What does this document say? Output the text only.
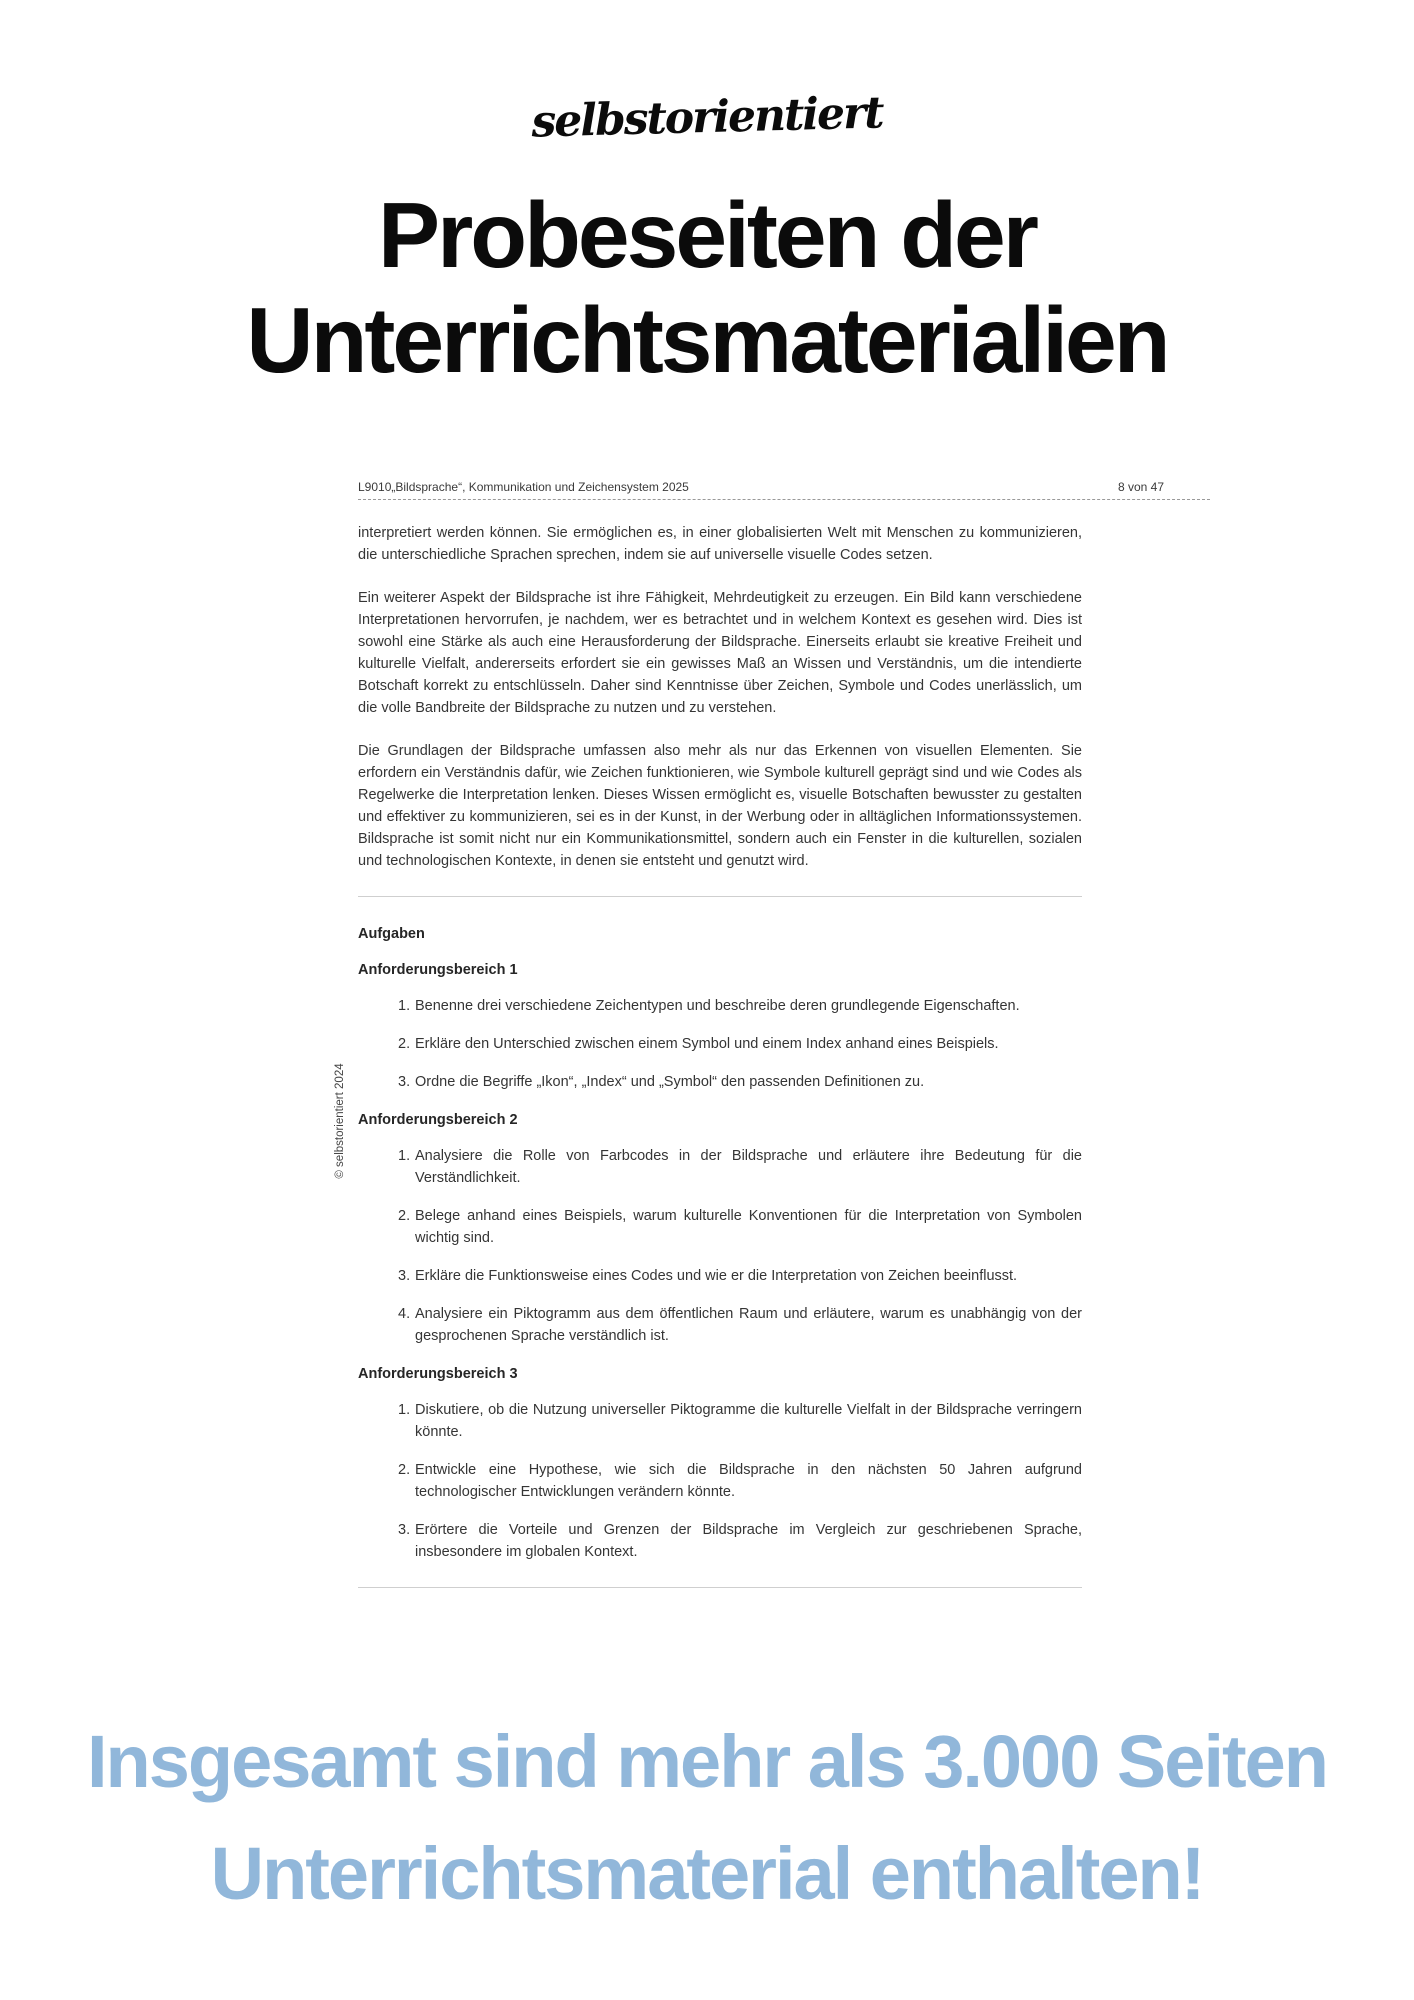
selbstorientiert
Probeseiten der
Unterrichtsmaterialien
L9010„Bildsprache“, Kommunikation und Zeichensystem 2025	8 von 47

interpretiert werden können. Sie ermöglichen es, in einer globalisierten Welt mit Menschen zu kommunizieren, die unterschiedliche Sprachen sprechen, indem sie auf universelle visuelle Codes setzen.

Ein weiterer Aspekt der Bildsprache ist ihre Fähigkeit, Mehrdeutigkeit zu erzeugen. Ein Bild kann verschiedene Interpretationen hervorrufen, je nachdem, wer es betrachtet und in welchem Kontext es gesehen wird. Dies ist sowohl eine Stärke als auch eine Herausforderung der Bildsprache. Einerseits erlaubt sie kreative Freiheit und kulturelle Vielfalt, andererseits erfordert sie ein gewisses Maß an Wissen und Verständnis, um die intendierte Botschaft korrekt zu entschlüsseln. Daher sind Kenntnisse über Zeichen, Symbole und Codes unerlässlich, um die volle Bandbreite der Bildsprache zu nutzen und zu verstehen.

Die Grundlagen der Bildsprache umfassen also mehr als nur das Erkennen von visuellen Elementen. Sie erfordern ein Verständnis dafür, wie Zeichen funktionieren, wie Symbole kulturell geprägt sind und wie Codes als Regelwerke die Interpretation lenken. Dieses Wissen ermöglicht es, visuelle Botschaften bewusster zu gestalten und effektiver zu kommunizieren, sei es in der Kunst, in der Werbung oder in alltäglichen Informationssystemen. Bildsprache ist somit nicht nur ein Kommunikationsmittel, sondern auch ein Fenster in die kulturellen, sozialen und technologischen Kontexte, in denen sie entsteht und genutzt wird.

Aufgaben

Anforderungsbereich 1

1. Benenne drei verschiedene Zeichentypen und beschreibe deren grundlegende Eigenschaften.
2. Erkläre den Unterschied zwischen einem Symbol und einem Index anhand eines Beispiels.
3. Ordne die Begriffe „Ikon“, „Index“ und „Symbol“ den passenden Definitionen zu.

Anforderungsbereich 2

1. Analysiere die Rolle von Farbcodes in der Bildsprache und erläutere ihre Bedeutung für die Verständlichkeit.
2. Belege anhand eines Beispiels, warum kulturelle Konventionen für die Interpretation von Symbolen wichtig sind.
3. Erkläre die Funktionsweise eines Codes und wie er die Interpretation von Zeichen beeinflusst.
4. Analysiere ein Piktogramm aus dem öffentlichen Raum und erläutere, warum es unabhängig von der gesprochenen Sprache verständlich ist.

Anforderungsbereich 3

1. Diskutiere, ob die Nutzung universeller Piktogramme die kulturelle Vielfalt in der Bildsprache verringern könnte.
2. Entwickle eine Hypothese, wie sich die Bildsprache in den nächsten 50 Jahren aufgrund technologischer Entwicklungen verändern könnte.
3. Erörtere die Vorteile und Grenzen der Bildsprache im Vergleich zur geschriebenen Sprache, insbesondere im globalen Kontext.
© selbstorientiert 2024
Insgesamt sind mehr als 3.000 Seiten
Unterrichtsmaterial enthalten!
